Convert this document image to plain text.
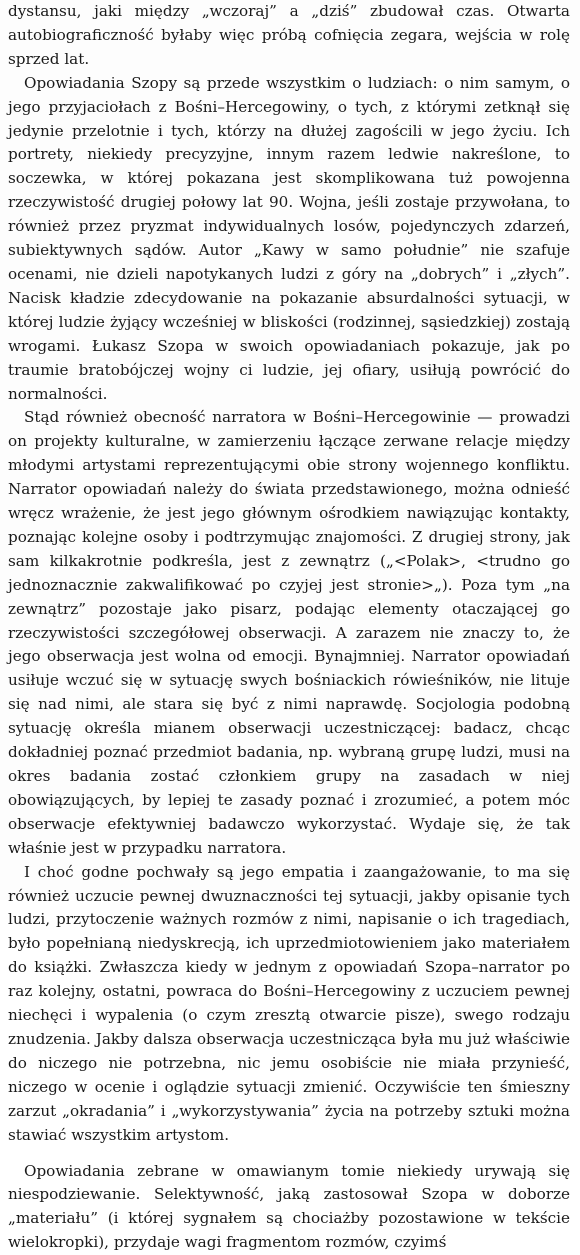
dystansu, jaki między „wczoraj” a „dziś” zbudował czas. Otwarta autobiograficzność byłaby więc próbą cofnięcia zegara, wejścia w rolę sprzed lat.

Opowiadania Szopy są przede wszystkim o ludziach: o nim samym, o jego przyjaciołach z Bośni–Hercegowiny, o tych, z którymi zetknął się jedynie przelotnie i tych, którzy na dłużej zagościli w jego życiu. Ich portrety, niekiedy precyzyjne, innym razem ledwie nakreślone, to soczewka, w której pokazana jest skomplikowana tuż powojenna rzeczywistość drugiej połowy lat 90. Wojna, jeśli zostaje przywołana, to również przez pryzmat indywidualnych losów, pojedynczych zdarzeń, subiektywnych sądów. Autor „Kawy w samo południe” nie szafuje ocenami, nie dzieli napotykanych ludzi z góry na „dobrych” i „złych”. Nacisk kładzie zdecydowanie na pokazanie absurdalności sytuacji, w której ludzie żyjący wcześniej w bliskości (rodzinnej, sąsiedzkiej) zostają wrogami. Łukasz Szopa w swoich opowiadaniach pokazuje, jak po traumie bratobójczej wojny ci ludzie, jej ofiary, usiłują powrócić do normalności.

Stąd również obecność narratora w Bośni–Hercegowinie — prowadzi on projekty kulturalne, w zamierzeniu łączące zerwane relacje między młodymi artystami reprezentującymi obie strony wojennego konfliktu. Narrator opowiadań należy do świata przedstawionego, można odnieść wręcz wrażenie, że jest jego głównym ośrodkiem nawiązując kontakty, poznając kolejne osoby i podtrzymując znajomości. Z drugiej strony, jak sam kilkakrotnie podkreśla, jest z zewnątrz („<Polak>, <trudno go jednoznacznie zakwalifikować po czyjej jest stronie>„). Poza tym „na zewnątrz” pozostaje jako pisarz, podając elementy otaczającej go rzeczywistości szczegółowej obserwacji. A zarazem nie znaczy to, że jego obserwacja jest wolna od emocji. Bynajmniej. Narrator opowiadań usiłuje wczuć się w sytuację swych bośniackich rówieśników, nie lituje się nad nimi, ale stara się być z nimi naprawdę. Socjologia podobną sytuację określa mianem obserwacji uczestniczącej: badacz, chcąc dokładniej poznać przedmiot badania, np. wybraną grupę ludzi, musi na okres badania zostać członkiem grupy na zasadach w niej obowiązujących, by lepiej te zasady poznać i zrozumieć, a potem móc obserwacje efektywniej badawczo wykorzystać. Wydaje się, że tak właśnie jest w przypadku narratora.

I choć godne pochwały są jego empatia i zaangażowanie, to ma się również uczucie pewnej dwuznaczności tej sytuacji, jakby opisanie tych ludzi, przytoczenie ważnych rozmów z nimi, napisanie o ich tragediach, było popełnianą niedyskrecją, ich uprzedmiotowieniem jako materiałem do książki. Zwłaszcza kiedy w jednym z opowiadań Szopa–narrator po raz kolejny, ostatni, powraca do Bośni–Hercegowiny z uczuciem pewnej niechęci i wypalenia (o czym zresztą otwarcie pisze), swego rodzaju znudzenia. Jakby dalsza obserwacja uczestnicząca była mu już właściwie do niczego nie potrzebna, nic jemu osobiście nie miała przynieść, niczego w ocenie i oglądzie sytuacji zmienić. Oczywiście ten śmieszny zarzut „okradania” i „wykorzystywania” życia na potrzeby sztuki można stawiać wszystkim artystom.

Opowiadania zebrane w omawianym tomie niekiedy urywają się niespodziewanie. Selektywność, jaką zastosował Szopa w doborze „materiału” (i której sygnałem są chociażby pozostawione w tekście wielokropki), przydaje wagi fragmentom rozmów, czyimś
